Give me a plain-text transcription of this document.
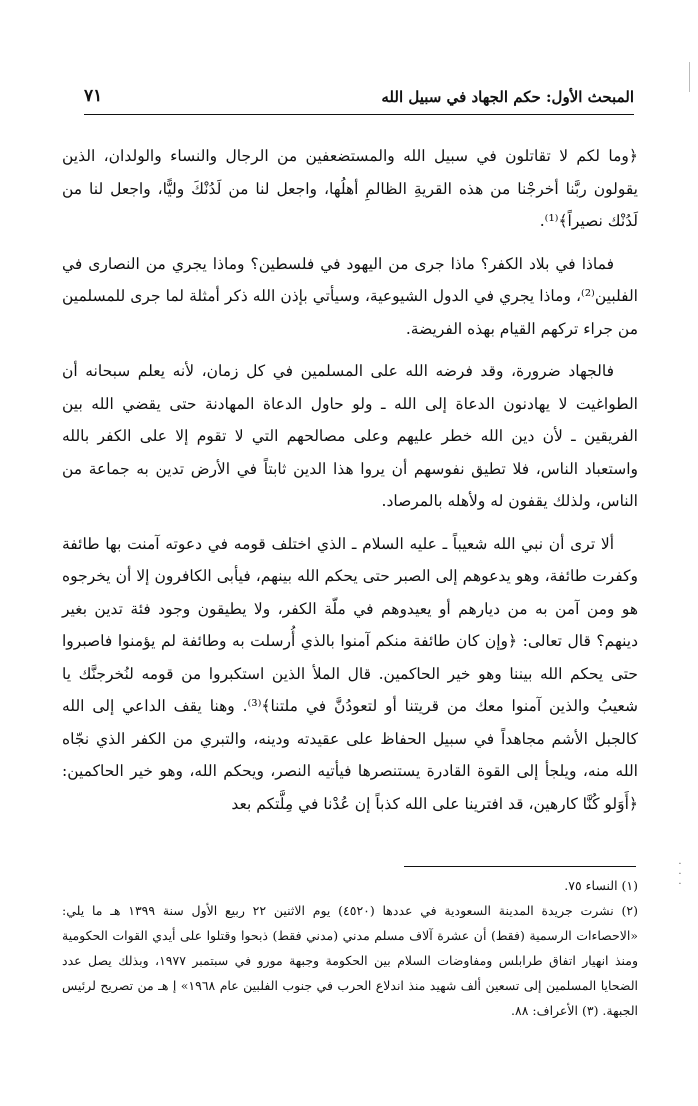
المبحث الأول: حكم الجهاد في سبيل الله
٧١

﴿وما لكم لا تقاتلون في سبيل الله والمستضعفين من الرجال والنساء والولدان، الذين يقولون ربَّنا أخرجْنا من هذه القريةِ الظالمِ أهلُها، واجعل لنا من لَدُنْكَ وليًّا، واجعل لنا من لَدُنْك نصيراً﴾⁽¹⁾.

فماذا في بلاد الكفر؟ ماذا جرى من اليهود في فلسطين؟ وماذا يجري من النصارى في الفلبين⁽²⁾، وماذا يجري في الدول الشيوعية، وسيأتي بإذن الله ذكر أمثلة لما جرى للمسلمين من جراء تركهم القيام بهذه الفريضة.

فالجهاد ضرورة، وقد فرضه الله على المسلمين في كل زمان، لأنه يعلم سبحانه أن الطواغيت لا يهادنون الدعاة إلى الله ـ ولو حاول الدعاة المهادنة حتى يقضي الله بين الفريقين ـ لأن دين الله خطر عليهم وعلى مصالحهم التي لا تقوم إلا على الكفر بالله واستعباد الناس، فلا تطيق نفوسهم أن يروا هذا الدين ثابتاً في الأرض تدين به جماعة من الناس، ولذلك يقفون له ولأهله بالمرصاد.

ألا ترى أن نبي الله شعيباً ـ عليه السلام ـ الذي اختلف قومه في دعوته آمنت بها طائفة وكفرت طائفة، وهو يدعوهم إلى الصبر حتى يحكم الله بينهم، فيأبى الكافرون إلا أن يخرجوه هو ومن آمن به من ديارهم أو يعيدوهم في ملّة الكفر، ولا يطيقون وجود فئة تدين بغير دينهم؟ قال تعالى: ﴿وإن كان طائفة منكم آمنوا بالذي أُرسلت به وطائفة لم يؤمنوا فاصبروا حتى يحكم الله بيننا وهو خير الحاكمين. قال الملأ الذين استكبروا من قومه لنُخرجنَّك يا شعيبُ والذين آمنوا معك من قريتنا أو لتعودُنَّ في ملتنا﴾⁽³⁾. وهنا يقف الداعي إلى الله كالجبل الأشم مجاهداً في سبيل الحفاظ على عقيدته ودينه، والتبري من الكفر الذي نجّاه الله منه، ويلجأ إلى القوة القادرة يستنصرها فيأتيه النصر، ويحكم الله، وهو خير الحاكمين: ﴿أَوَلو كُنَّا كارهين، قد افترينا على الله كذباً إن عُدْنا في مِلَّتكم بعد

(١) النساء ٧٥.

(٢) نشرت جريدة المدينة السعودية في عددها (٤٥٢٠) يوم الاثنين ٢٢ ربيع الأول سنة ١٣٩٩ هـ ما يلي: «الاحصاءات الرسمية (فقط) أن عشرة آلاف مسلم مدني (مدني فقط) ذبحوا وقتلوا على أيدي القوات الحكومية ومنذ انهيار اتفاق طرابلس ومفاوضات السلام بين الحكومة وجبهة مورو في سبتمبر ١٩٧٧، وبذلك يصل عدد الضحايا المسلمين إلى تسعين ألف شهيد منذ اندلاع الحرب في جنوب الفلبين عام ١٩٦٨» إ هـ من تصريح لرئيس الجبهة. (٣) الأعراف: ٨٨.

·
·
·
